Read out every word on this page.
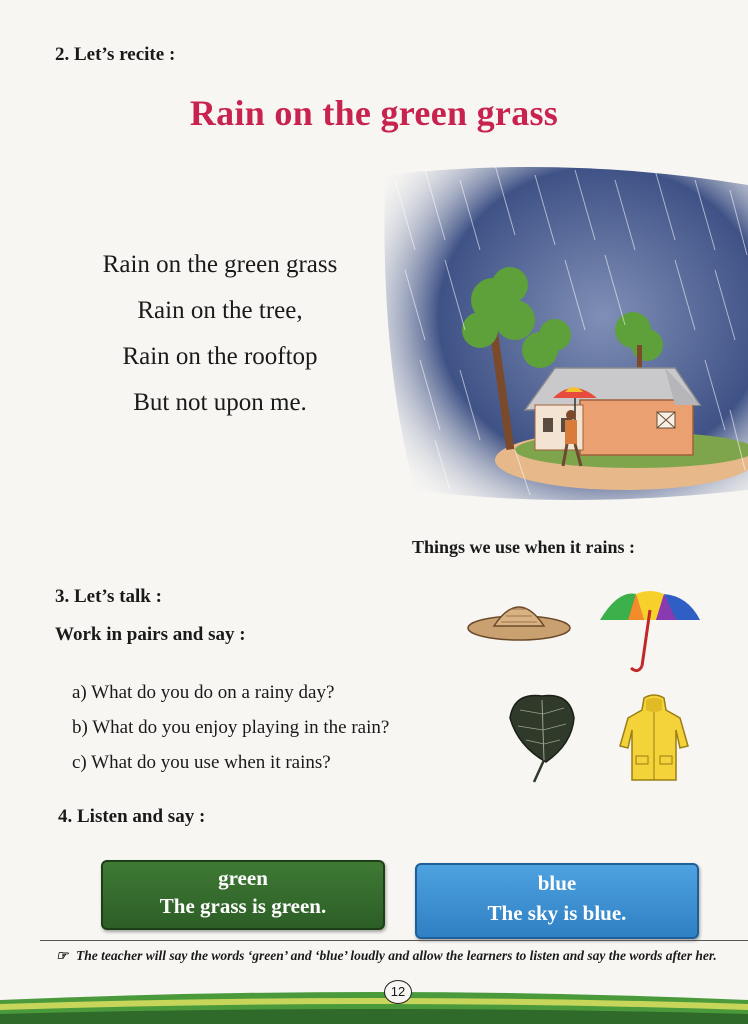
2. Let’s recite :
Rain on the green grass
Rain on the green grass
Rain on the tree,
Rain on the rooftop
But not upon me.
Things we use when it rains :
3. Let’s talk :
Work in pairs and say :
a) What do you do on a rainy day?
b) What do you enjoy playing in the rain?
c) What do you use when it rains?
4. Listen and say :
green
The grass is green.
blue
The sky is blue.
☞ The teacher will say the words ‘green’ and ‘blue’ loudly and allow the learners to listen and say the words after her.
12
